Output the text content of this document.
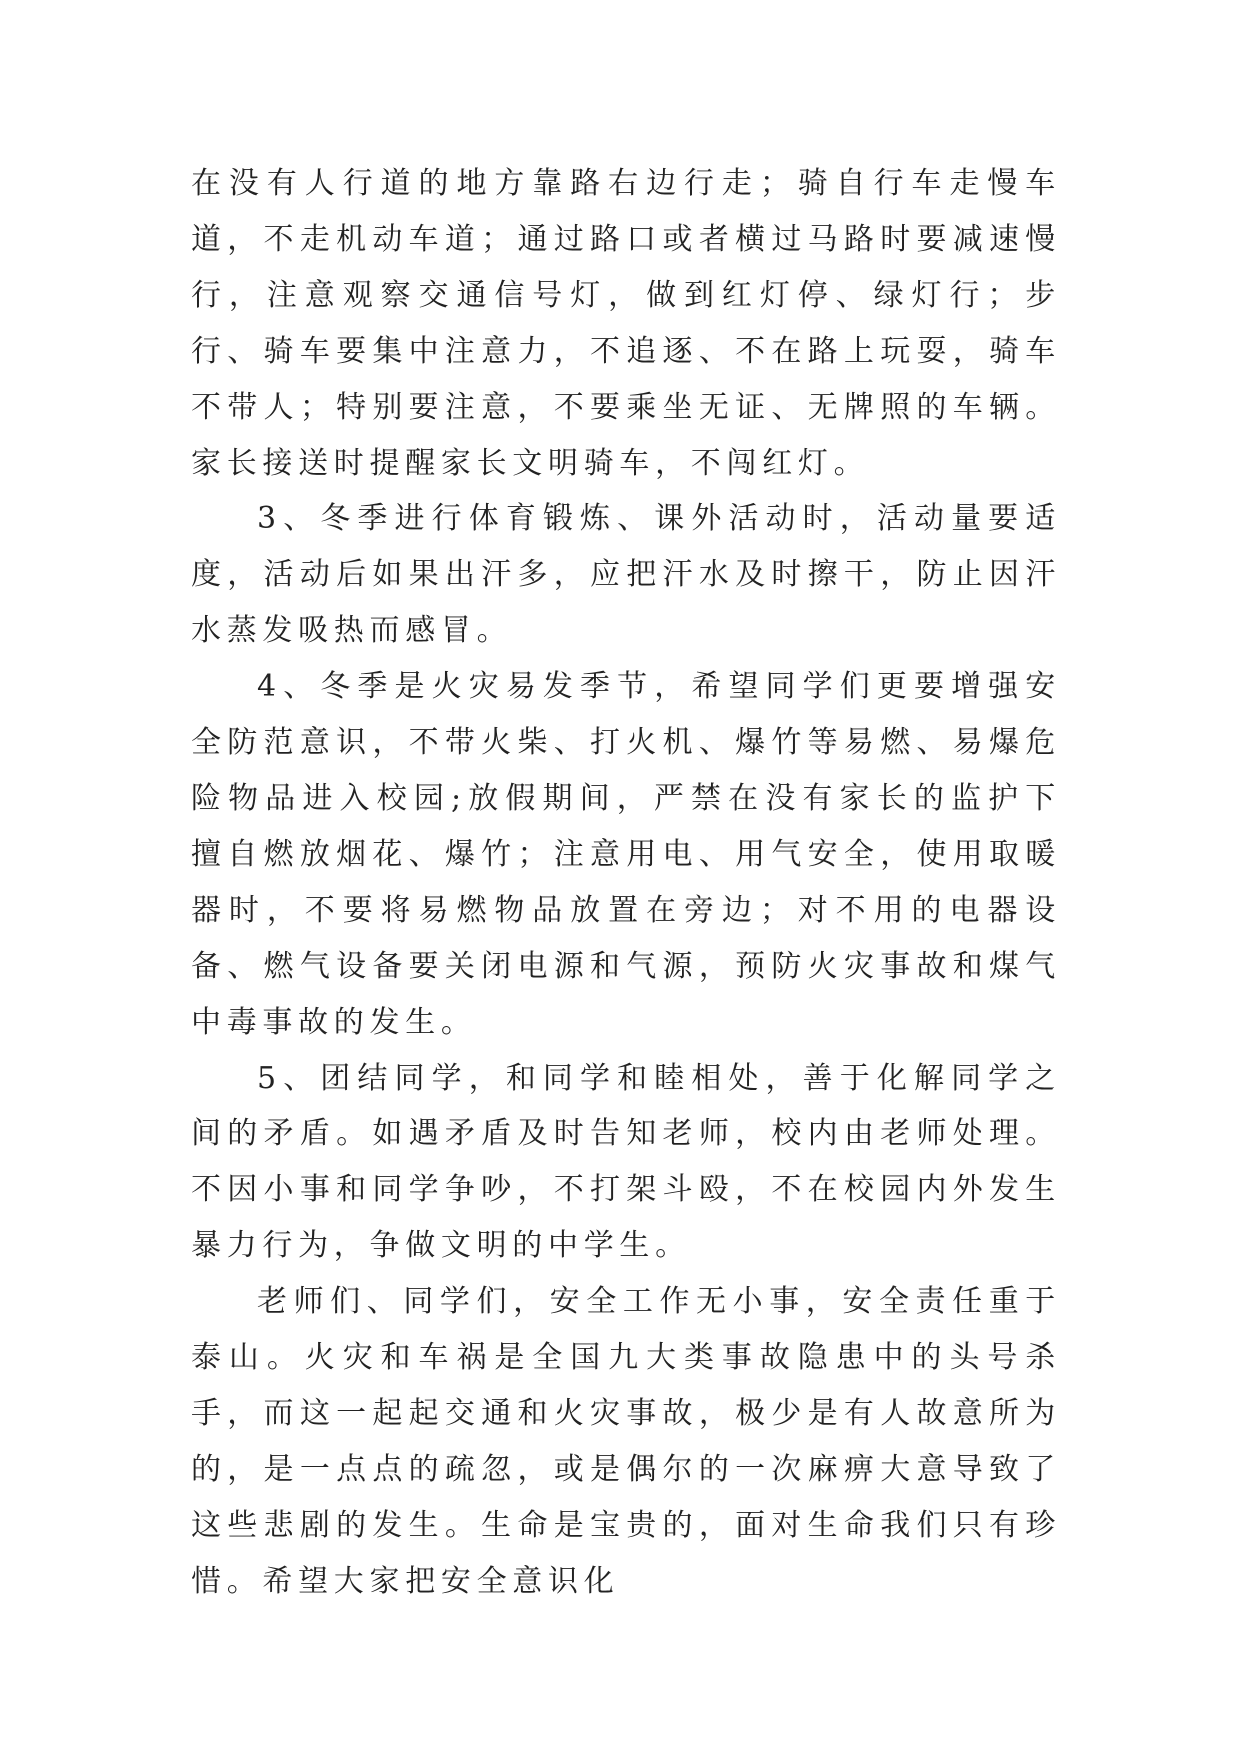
在没有人行道的地方靠路右边行走；骑自行车走慢车道，不走机动车道；通过路口或者横过马路时要减速慢行，注意观察交通信号灯，做到红灯停、绿灯行；步行、骑车要集中注意力，不追逐、不在路上玩耍，骑车不带人；特别要注意，不要乘坐无证、无牌照的车辆。家长接送时提醒家长文明骑车，不闯红灯。

3、冬季进行体育锻炼、课外活动时，活动量要适度，活动后如果出汗多，应把汗水及时擦干，防止因汗水蒸发吸热而感冒。

4、冬季是火灾易发季节，希望同学们更要增强安全防范意识，不带火柴、打火机、爆竹等易燃、易爆危险物品进入校园;放假期间，严禁在没有家长的监护下擅自燃放烟花、爆竹；注意用电、用气安全，使用取暖器时，不要将易燃物品放置在旁边；对不用的电器设备、燃气设备要关闭电源和气源，预防火灾事故和煤气中毒事故的发生。

5、团结同学，和同学和睦相处，善于化解同学之间的矛盾。如遇矛盾及时告知老师，校内由老师处理。不因小事和同学争吵，不打架斗殴，不在校园内外发生暴力行为，争做文明的中学生。

老师们、同学们，安全工作无小事，安全责任重于泰山。火灾和车祸是全国九大类事故隐患中的头号杀手，而这一起起交通和火灾事故，极少是有人故意所为的，是一点点的疏忽，或是偶尔的一次麻痹大意导致了这些悲剧的发生。生命是宝贵的，面对生命我们只有珍惜。希望大家把安全意识化
